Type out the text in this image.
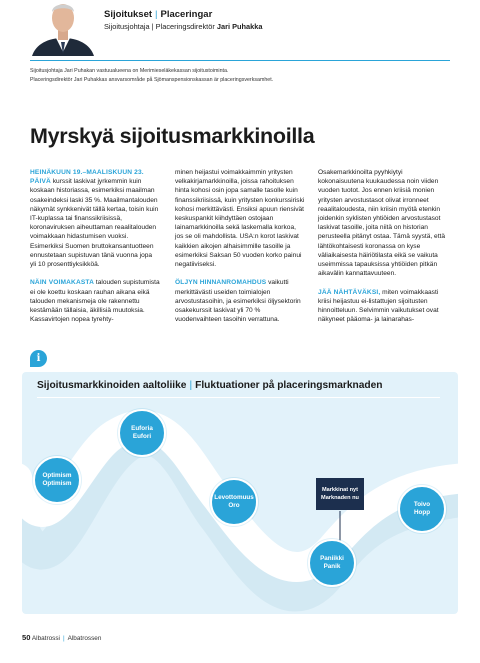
Sijoitukset | Placeringar
Sijoitusjohtaja | Placeringsdirektör Jari Puhakka
Sijoitusjohtaja Jari Puhakan vastuualueena on Merimieseläkekassan sijoitustoiminta.
Placeringsdirektör Jari Puhakkas ansvarsområde på Sjömanspensionskassan är placeringsverksamhet.
Myrskyä sijoitusmarkkinoilla

HEINÄKUUN 19.–MAALISKUUN 23. PÄIVÄ kurssit laskivat jyrkemmin kuin koskaan historiassa, esimerkiksi maailman osakeindeksi laski 35 %. Maailmantalouden näkymät synkkenivät tällä kertaa, toisin kuin IT-kuplassa tai finanssikriisissä, koronaviruksen aiheuttaman reaalitalouden voimakkaan hidastumisen vuoksi. Esimerkiksi Suomen bruttokansantuotteen ennustetaan supistuvan tänä vuonna jopa yli 10 prosenttiyksikköä.

NÄIN VOIMAKASTA talouden supistumista ei ole koettu koskaan rauhan aikana eikä talouden mekanismeja ole rakennettu kestämään tällaisia, äkillisiä muutoksia. Kassavirtojen nopea tyrehty-

minen heijastui voimakkaimmin yritysten velkakirjamarkkinoilla, joissa rahoituksen hinta kohosi osin jopa samalle tasolle kuin finanssikriisissä, kuin yritysten konkurssiriski kohosi merkittävästi. Ensiksi apuun riensivät keskuspankit kiihdyttäen ostojaan lainamarkkinoilla sekä laskemalla korkoa, jos se oli mahdollista. USA:n korot laskivat kaikkien aikojen alhaisimmille tasoille ja esimerkiksi Saksan 50 vuoden korko painui negatiiviseksi.

ÖLJYN HINNANROMAHDUS vaikutti merkittävästi useiden toimialojen arvostustasoihin, ja esimerkiksi öljysektorin osakekurssit laskivat yli 70 % vuodenvaihteen tasoihin verrattuna.

Osakemarkkinoilta pyyhkiytyi kokonaisuutena kuukaudessa noin viiden vuoden tuotot. Jos ennen kriisiä monien yritysten arvostustasot olivat irronneet reaalitaloudesta, niin kriisin myötä etenkin joidenkin syklisten yhtiöiden arvostustasot laskivat tasoille, joita niitä on historian perusteella pitänyt ostaa. Tämä syystä, että lähtökohtaisesti koronassa on kyse väliaikaisesta häiriötilasta eikä se vaikuta useimmissa tapauksissa yhtiöiden pitkän aikavälin kannattavuuteen.

JÄÄ NÄHTÄVÄKSI, miten voimakkaasti kriisi heijastuu ei-listattujen sijoitusten hinnoitteluun. Selvimmin vaikutukset ovat näkyneet pääoma- ja lainarahas-

i
Sijoitusmarkkinoiden aaltoliike | Fluktuationer på placeringsmarknaden
Optimism
Optimism
Euforia
Eufori
Levottomuus
Oro
Paniikki
Panik
Toivo
Hopp
Markkinat nyt
Marknaden nu
50 Albatrossi | Albatrossen
